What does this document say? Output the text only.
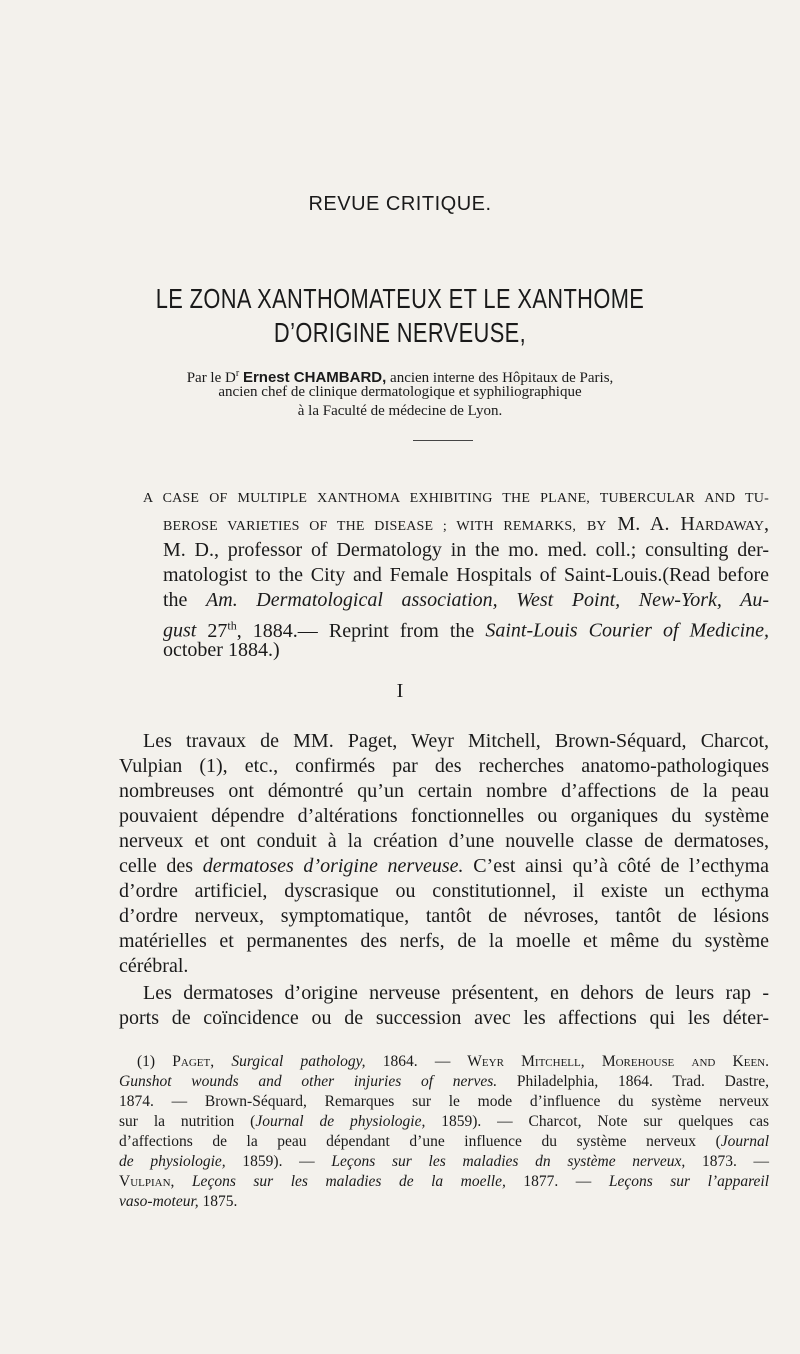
REVUE CRITIQUE.
LE ZONA XANTHOMATEUX ET LE XANTHOME
D’ORIGINE NERVEUSE,
Par le $D^r$ Ernest CHAMBARD, ancien interne des Hôpitaux de Paris,
ancien chef de clinique dermatologique et syphiliographique
à la Faculté de médecine de Lyon.
A CASE OF MULTIPLE XANTHOMA EXHIBITING THE PLANE, TUBERCULAR AND TU-
BEROSE VARIETIES OF THE DISEASE ; WITH REMARKS, by M. A. Hardaway,
M. D., professor of Dermatology in the mo. med. coll.; consulting der-
matologist to the City and Female Hospitals of Saint-Louis.(Read before
the Am. Dermatological association, West Point, New-York, Au-
gust 27th, 1884.— Reprint from the Saint-Louis Courier of Medicine,
october 1884.)
I
Les travaux de MM. Paget, Weyr Mitchell, Brown-Séquard, Charcot,
Vulpian (1), etc., confirmés par des recherches anatomo-pathologiques
nombreuses ont démontré qu’un certain nombre d’affections de la peau
pouvaient dépendre d’altérations fonctionnelles ou organiques du système
nerveux et ont conduit à la création d’une nouvelle classe de dermatoses,
celle des dermatoses d’origine nerveuse. C’est ainsi qu’à côté de l’ecthyma
d’ordre artificiel, dyscrasique ou constitutionnel, il existe un ecthyma
d’ordre nerveux, symptomatique, tantôt de névroses, tantôt de lésions
matérielles et permanentes des nerfs, de la moelle et même du système
cérébral.
Les dermatoses d’origine nerveuse présentent, en dehors de leurs rap -
ports de coïncidence ou de succession avec les affections qui les déter-
(1) Paget, Surgical pathology, 1864. — Weyr Mitchell, Morehouse and Keen.
Gunshot wounds and other injuries of nerves. Philadelphia, 1864. Trad. Dastre,
1874. — Brown-Séquard, Remarques sur le mode d’influence du système nerveux
sur la nutrition (Journal de physiologie, 1859). — Charcot, Note sur quelques cas
d’affections de la peau dépendant d’une influence du système nerveux (Journal
de physiologie, 1859). — Leçons sur les maladies dn système nerveux, 1873. —
Vulpian, Leçons sur les maladies de la moelle, 1877. — Leçons sur l’appareil
vaso-moteur, 1875.
